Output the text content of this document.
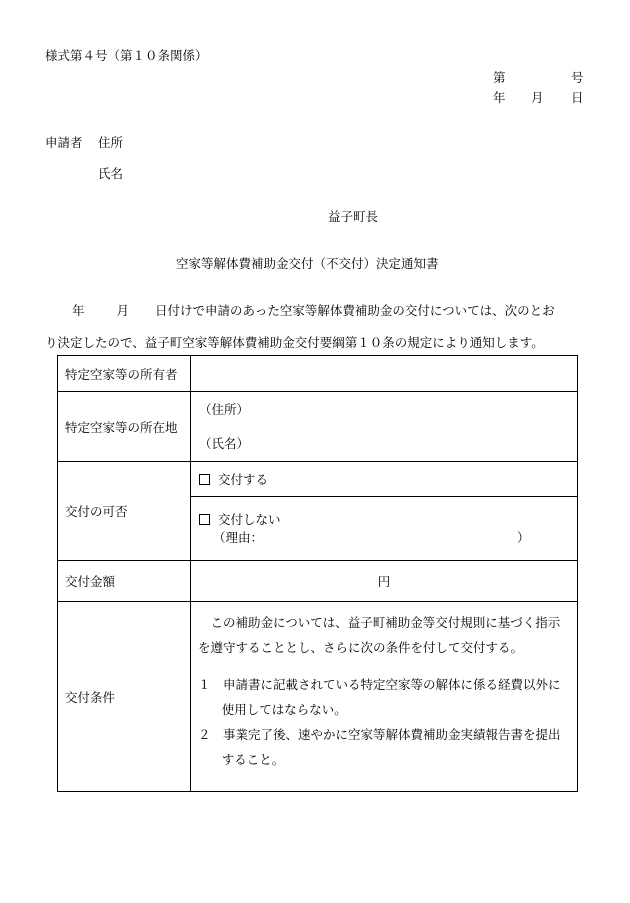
様式第４号（第１０条関係）
第	号
年 月 日
申請者 住所
氏名
益子町長
空家等解体費補助金交付（不交付）決定通知書
年	月 日付けで申請のあった空家等解体費補助金の交付については、次のとお
り決定したので、益子町空家等解体費補助金交付要綱第１０条の規定により通知します。
特定空家等の所有者	
特定空家等の所在地	（住所）
（氏名）

交付の可否	交付する

	交付しない
（理由： ）

交付金額	円
交付条件	この補助金については、益子町補助金等交付規則に基づく指示を遵守することとし、さらに次の条件を付して交付する。

１　申請書に記載されている特定空家等の解体に係る経費以外に使用してはならない。

２　事業完了後、速やかに空家等解体費補助金実績報告書を提出すること。
